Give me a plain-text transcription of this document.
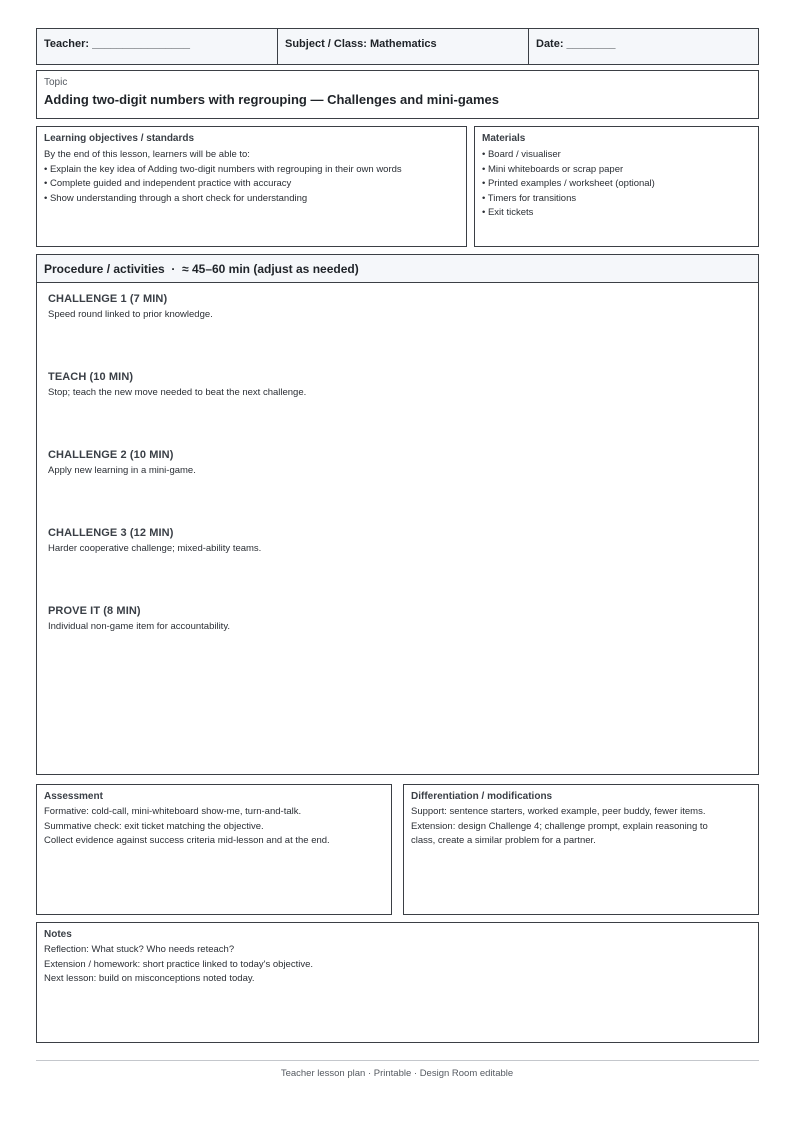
Teacher: ________________	Subject / Class: Mathematics	Date: ________
Topic
Adding two-digit numbers with regrouping — Challenges and mini-games
Learning objectives / standards
By the end of this lesson, learners will be able to:
• Explain the key idea of Adding two-digit numbers with regrouping in their own words
• Complete guided and independent practice with accuracy
• Show understanding through a short check for understanding
Materials
• Board / visualiser
• Mini whiteboards or scrap paper
• Printed examples / worksheet (optional)
• Timers for transitions
• Exit tickets
Procedure / activities  ·  ≈ 45–60 min (adjust as needed)
CHALLENGE 1 (7 MIN)
Speed round linked to prior knowledge.
TEACH (10 MIN)
Stop; teach the new move needed to beat the next challenge.
CHALLENGE 2 (10 MIN)
Apply new learning in a mini-game.
CHALLENGE 3 (12 MIN)
Harder cooperative challenge; mixed-ability teams.
PROVE IT (8 MIN)
Individual non-game item for accountability.
Assessment
Formative: cold-call, mini-whiteboard show-me, turn-and-talk.
Summative check: exit ticket matching the objective.
Collect evidence against success criteria mid-lesson and at the end.
Differentiation / modifications
Support: sentence starters, worked example, peer buddy, fewer items.
Extension: design Challenge 4; challenge prompt, explain reasoning to
class, create a similar problem for a partner.
Notes
Reflection: What stuck? Who needs reteach?
Extension / homework: short practice linked to today's objective.
Next lesson: build on misconceptions noted today.
Teacher lesson plan · Printable · Design Room editable
